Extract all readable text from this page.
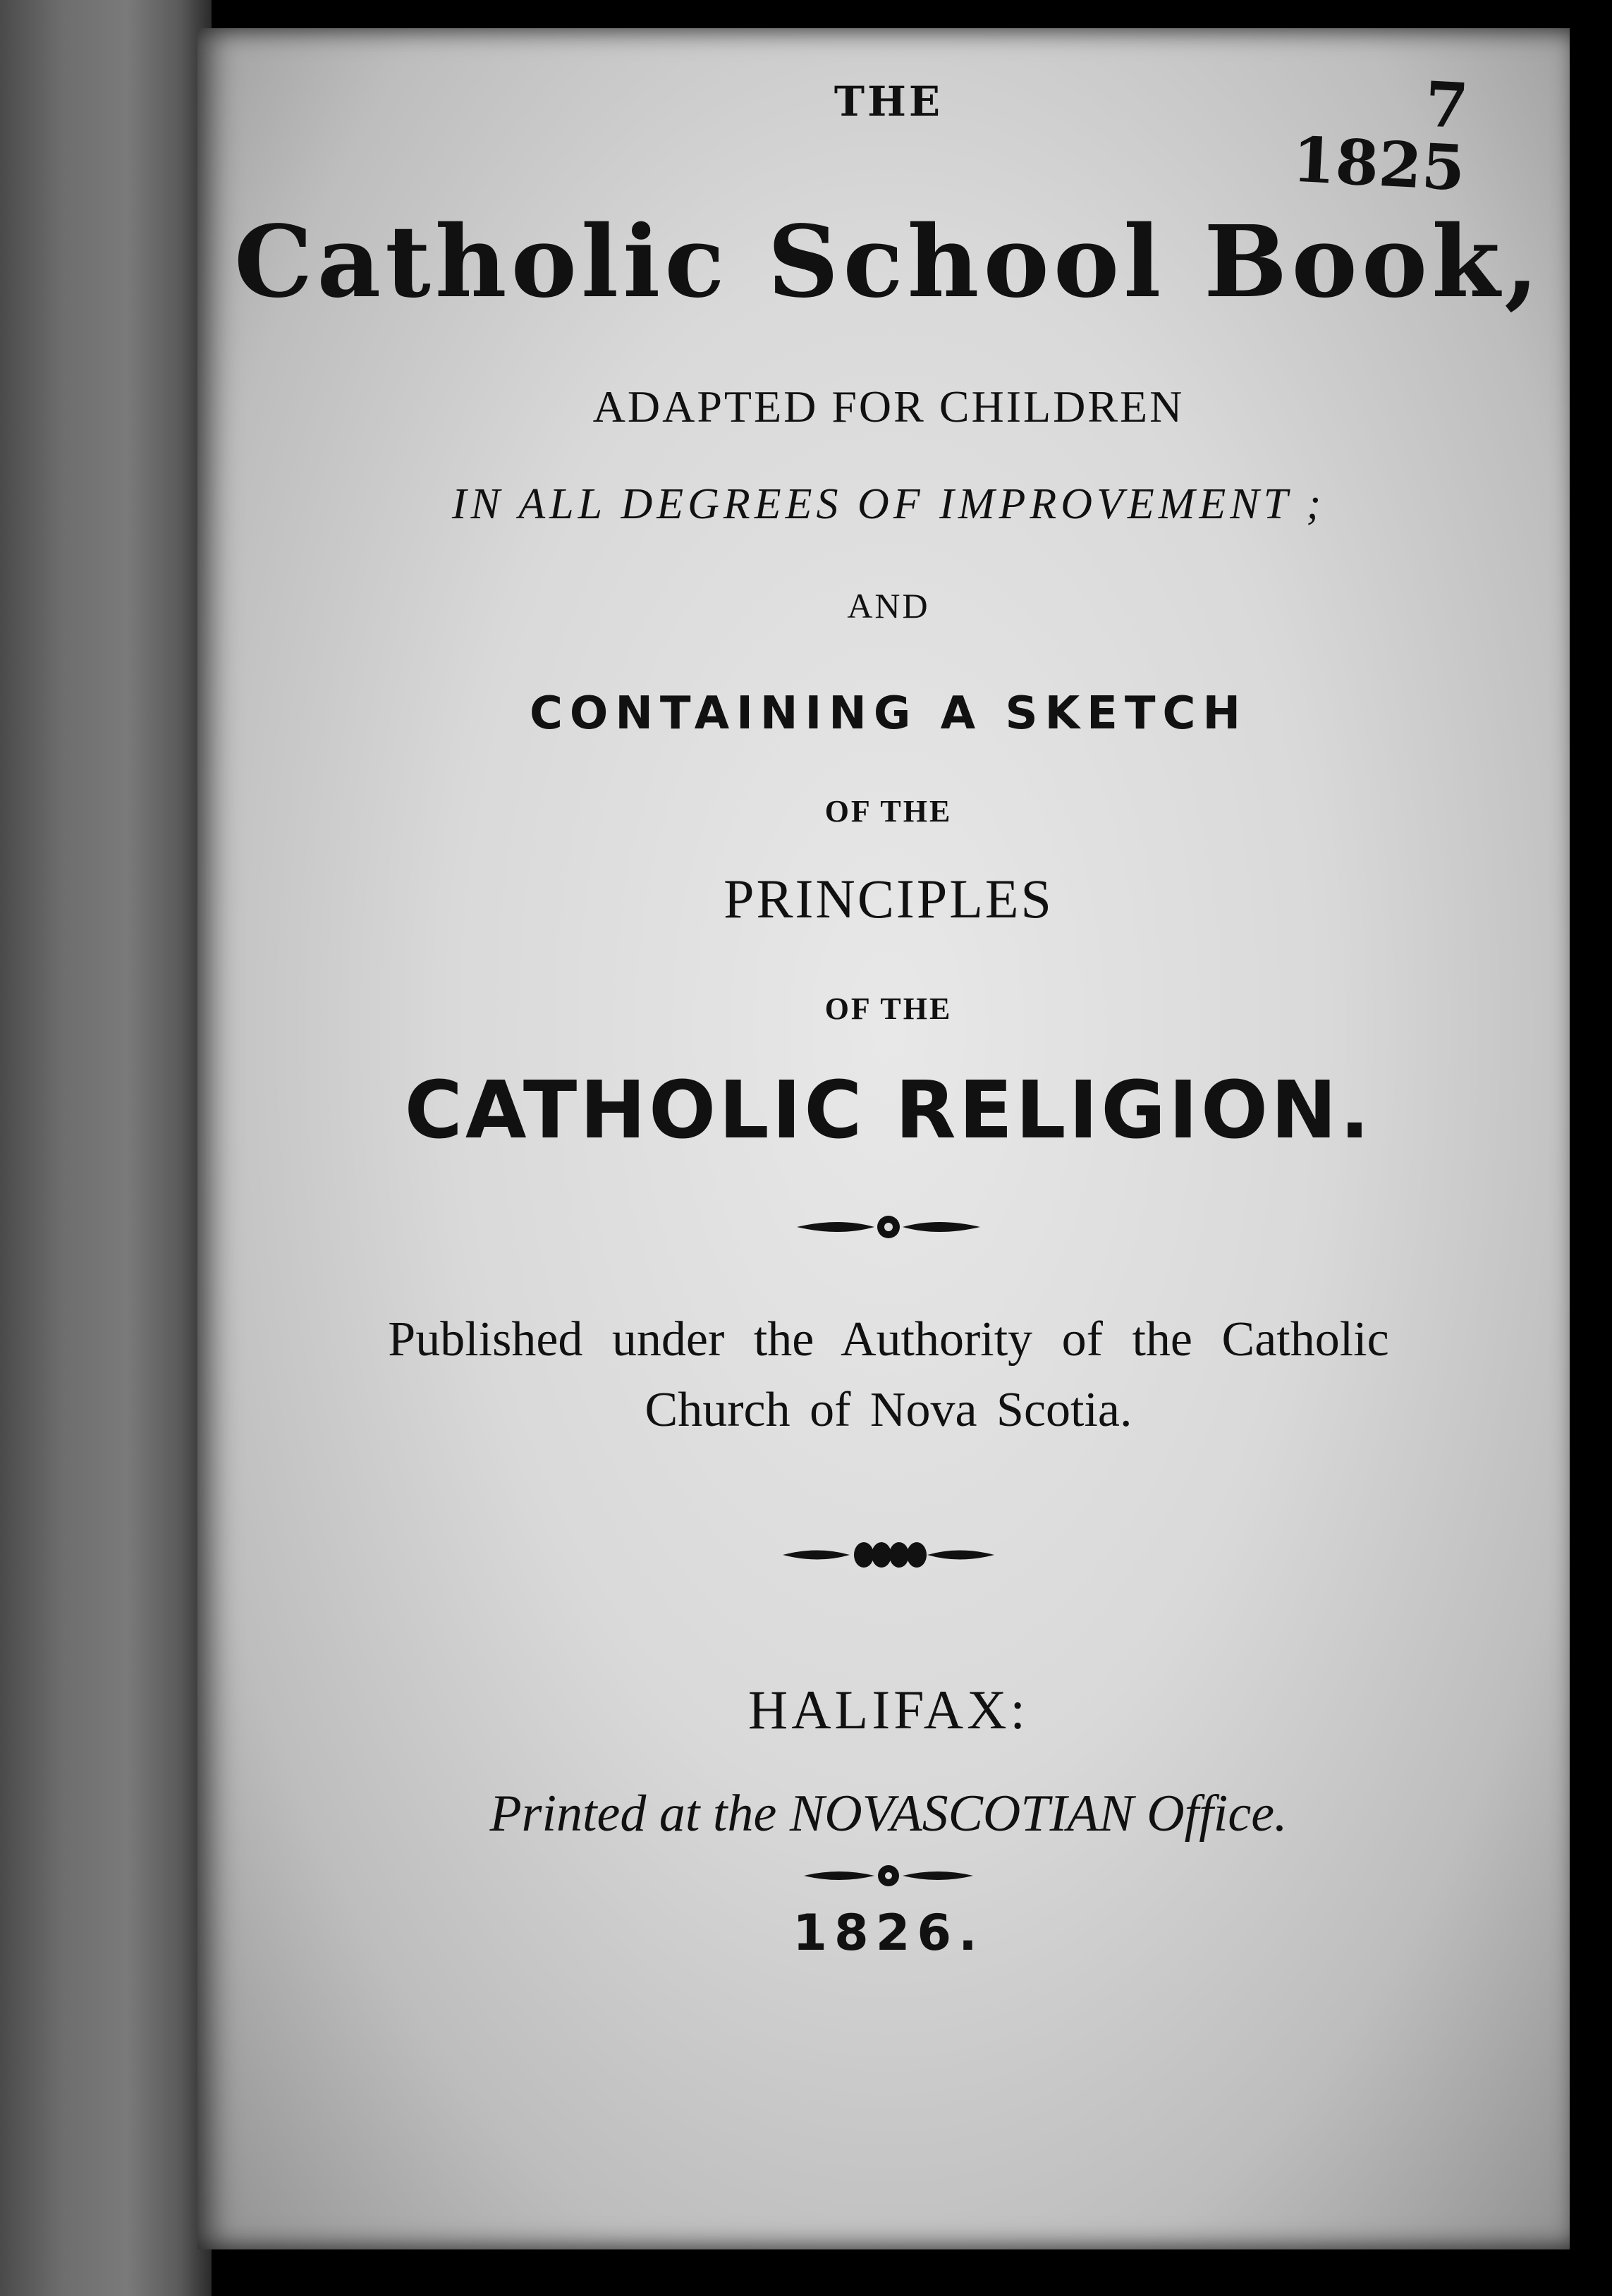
7
1825
THE
Catholic School Book,
ADAPTED FOR CHILDREN
IN ALL DEGREES OF IMPROVEMENT ;
AND
CONTAINING A SKETCH
OF THE
PRINCIPLES
OF THE
CATHOLIC RELIGION.
Published under the Authority of the Catholic
Church of Nova Scotia.
HALIFAX:
Printed at the NOVASCOTIAN Office.
1826.
